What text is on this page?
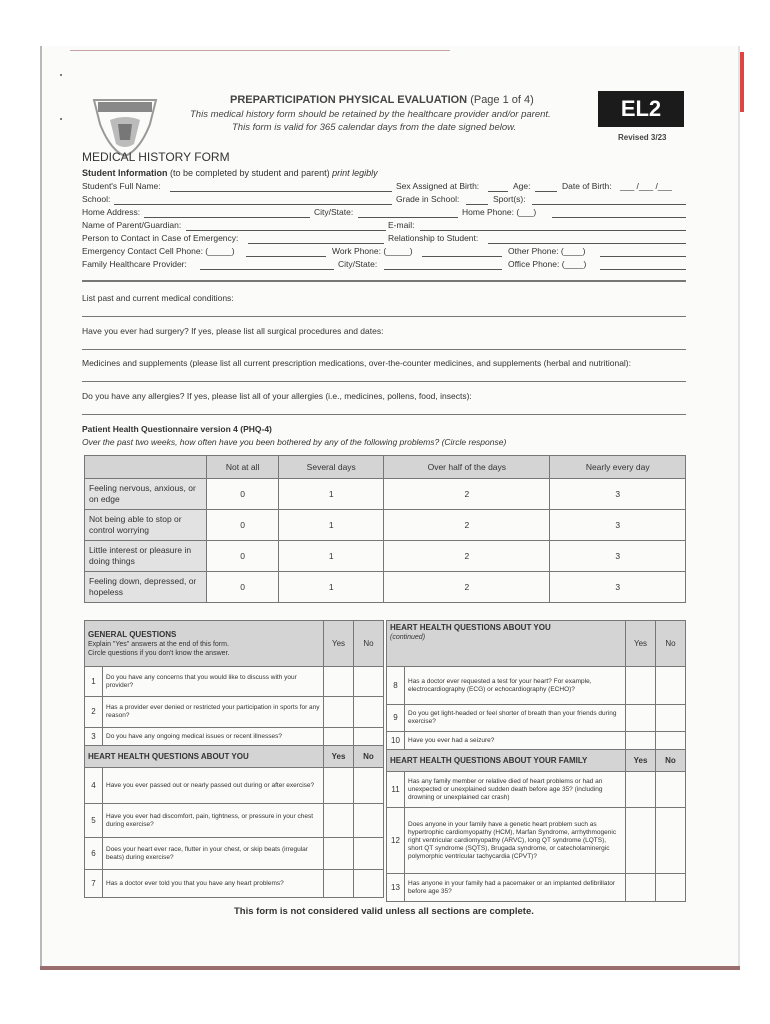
PREPARTICIPATION PHYSICAL EVALUATION (Page 1 of 4)
This medical history form should be retained by the healthcare provider and/or parent.
This form is valid for 365 calendar days from the date signed below.
EL2
Revised 3/23
MEDICAL HISTORY FORM
Student Information (to be completed by student and parent) print legibly
Student's Full Name:	Sex Assigned at Birth:	Age:	Date of Birth: ___ /___ /___
School:	Grade in School:	Sport(s):
Home Address:	City/State:	Home Phone: (___)
Name of Parent/Guardian:	E-mail:
Person to Contact in Case of Emergency:	Relationship to Student:
Emergency Contact Cell Phone: (_____)	Work Phone: (_____)	Other Phone: (____)
Family Healthcare Provider:	City/State:	Office Phone: (____)
List past and current medical conditions:
Have you ever had surgery? If yes, please list all surgical procedures and dates:
Medicines and supplements (please list all current prescription medications, over-the-counter medicines, and supplements (herbal and nutritional):
Do you have any allergies? If yes, please list all of your allergies (i.e., medicines, pollens, food, insects):
Patient Health Questionnaire version 4 (PHQ-4)
Over the past two weeks, how often have you been bothered by any of the following problems? (Circle response)
	Not at all	Several days	Over half of the days	Nearly every day
Feeling nervous, anxious, or on edge	0	1	2	3
Not being able to stop or control worrying	0	1	2	3
Little interest or pleasure in doing things	0	1	2	3
Feeling down, depressed, or hopeless	0	1	2	3
GENERAL QUESTIONS
Explain "Yes" answers at the end of this form.
Circle questions if you don't know the answer.		Yes	No
1	Do you have any concerns that you would like to discuss with your provider?		
2	Has a provider ever denied or restricted your participation in sports for any reason?		
3	Do you have any ongoing medical issues or recent illnesses?		
HEART HEALTH QUESTIONS ABOUT YOU		Yes	No
4	Have you ever passed out or nearly passed out during or after exercise?		
5	Have you ever had discomfort, pain, tightness, or pressure in your chest during exercise?		
6	Does your heart ever race, flutter in your chest, or skip beats (irregular beats) during exercise?		
7	Has a doctor ever told you that you have any heart problems?		
HEART HEALTH QUESTIONS ABOUT YOU
(continued)		Yes	No
8	Has a doctor ever requested a test for your heart? For example, electrocardiography (ECG) or echocardiography (ECHO)?		
9	Do you get light-headed or feel shorter of breath than your friends during exercise?		
10	Have you ever had a seizure?		
HEART HEALTH QUESTIONS ABOUT YOUR FAMILY		Yes	No
11	Has any family member or relative died of heart problems or had an unexpected or unexplained sudden death before age 35? (including drowning or unexplained car crash)		
12	Does anyone in your family have a genetic heart problem such as hypertrophic cardiomyopathy (HCM), Marfan Syndrome, arrhythmogenic right ventricular cardiomyopathy (ARVC), long QT syndrome (LQTS), short QT syndrome (SQTS), Brugada syndrome, or catecholaminergic polymorphic ventricular tachycardia (CPVT)?		
13	Has anyone in your family had a pacemaker or an implanted defibrillator before age 35?		
This form is not considered valid unless all sections are complete.
